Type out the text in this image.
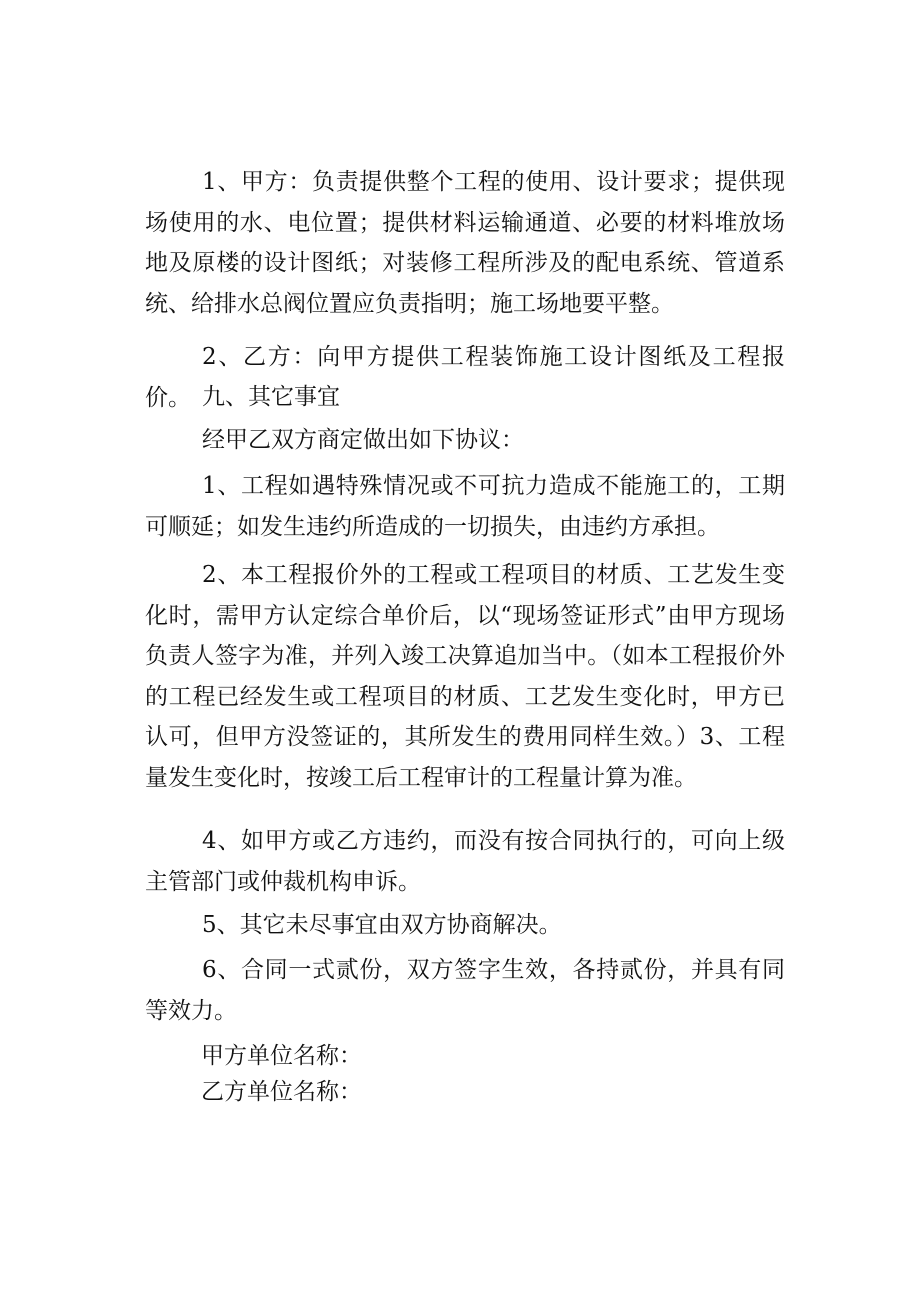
1、甲方：负责提供整个工程的使用、设计要求；提供现场使用的水、电位置；提供材料运输通道、必要的材料堆放场地及原楼的设计图纸；对装修工程所涉及的配电系统、管道系统、给排水总阀位置应负责指明；施工场地要平整。

2、乙方：向甲方提供工程装饰施工设计图纸及工程报价。 九、其它事宜

经甲乙双方商定做出如下协议：

1、工程如遇特殊情况或不可抗力造成不能施工的，工期可顺延；如发生违约所造成的一切损失，由违约方承担。

2、本工程报价外的工程或工程项目的材质、工艺发生变化时，需甲方认定综合单价后，以“现场签证形式”由甲方现场负责人签字为准，并列入竣工决算追加当中。（如本工程报价外的工程已经发生或工程项目的材质、工艺发生变化时，甲方已认可，但甲方没签证的，其所发生的费用同样生效。）3、工程量发生变化时，按竣工后工程审计的工程量计算为准。

4、如甲方或乙方违约，而没有按合同执行的，可向上级主管部门或仲裁机构申诉。

5、其它未尽事宜由双方协商解决。

6、合同一式贰份，双方签字生效，各持贰份，并具有同等效力。

甲方单位名称：

乙方单位名称：
